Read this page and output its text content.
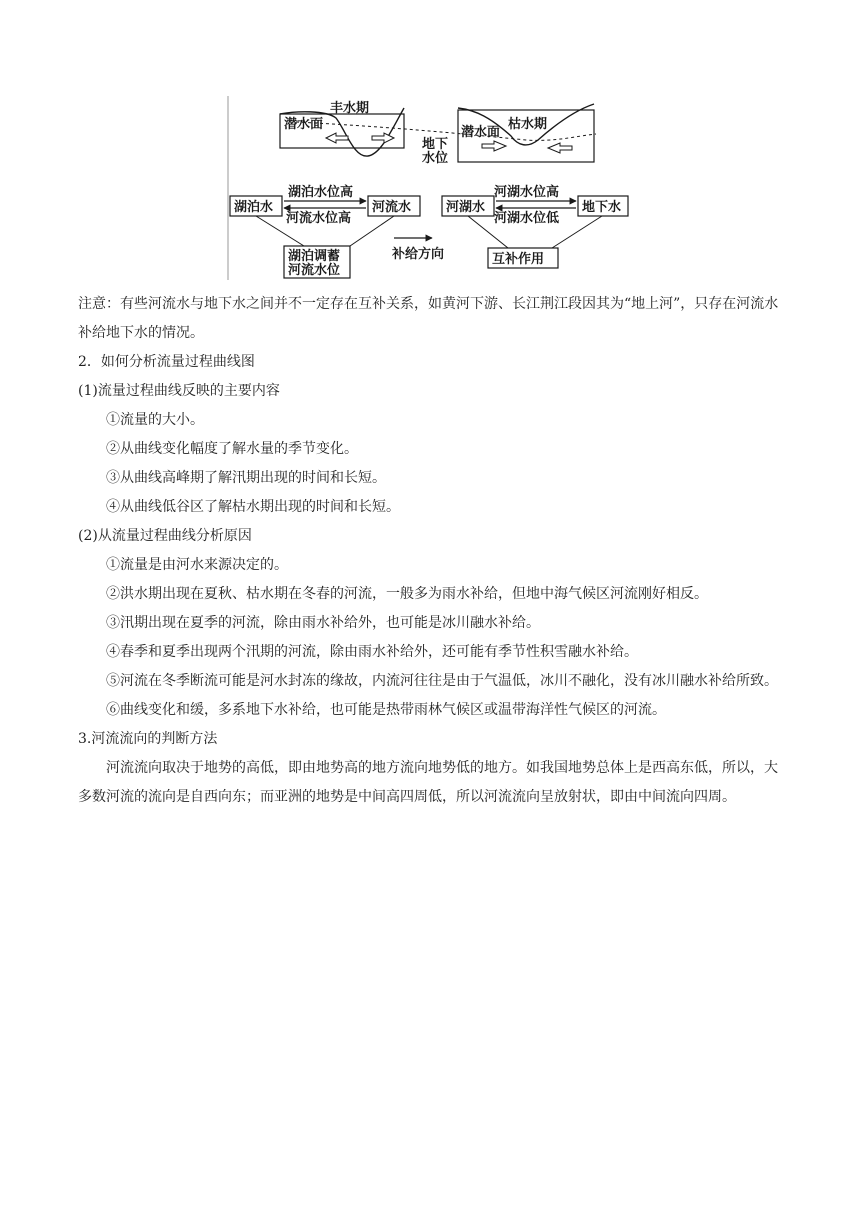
丰水期
潜水面
地下
水位
枯水期
潜水面
湖泊水	河流水
湖泊水位高
河流水位高
湖泊调蓄
河流水位
补给方向
河湖水	地下水
河湖水位高
河湖水位低
互补作用

注意：有些河流水与地下水之间并不一定存在互补关系，如黄河下游、长江荆江段因其为“地上河”，只存在河流水补给地下水的情况。

2．如何分析流量过程曲线图

(1)流量过程曲线反映的主要内容

①流量的大小。

②从曲线变化幅度了解水量的季节变化。

③从曲线高峰期了解汛期出现的时间和长短。

④从曲线低谷区了解枯水期出现的时间和长短。

(2)从流量过程曲线分析原因

①流量是由河水来源决定的。

②洪水期出现在夏秋、枯水期在冬春的河流，一般多为雨水补给，但地中海气候区河流刚好相反。

③汛期出现在夏季的河流，除由雨水补给外，也可能是冰川融水补给。

④春季和夏季出现两个汛期的河流，除由雨水补给外，还可能有季节性积雪融水补给。

⑤河流在冬季断流可能是河水封冻的缘故，内流河往往是由于气温低，冰川不融化，没有冰川融水补给所致。

⑥曲线变化和缓，多系地下水补给，也可能是热带雨林气候区或温带海洋性气候区的河流。

3.河流流向的判断方法

河流流向取决于地势的高低，即由地势高的地方流向地势低的地方。如我国地势总体上是西高东低，所以，大多数河流的流向是自西向东；而亚洲的地势是中间高四周低，所以河流流向呈放射状，即由中间流向四周。
